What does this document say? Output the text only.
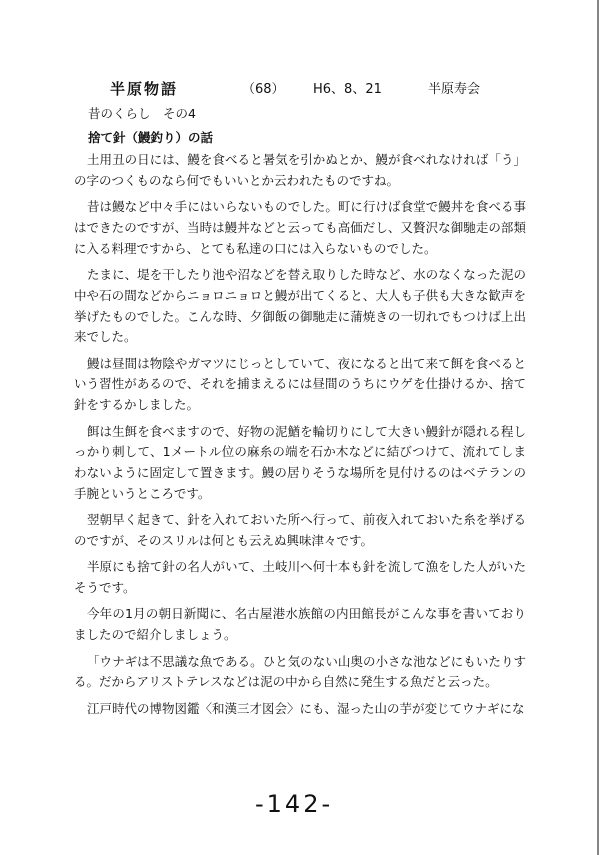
半原物語	（68） H6、8、21	半原寿会
昔のくらし　その4
捨て針（鰻釣り）の話

土用丑の日には、鰻を食べると暑気を引かぬとか、鰻が食べれなければ「う」の字のつくものなら何でもいいとか云われたものですね。

昔は鰻など中々手にはいらないものでした。町に行けば食堂で鰻丼を食べる事はできたのですが、当時は鰻丼などと云っても高価だし、又贅沢な御馳走の部類に入る料理ですから、とても私達の口には入らないものでした。

たまに、堤を干したり池や沼などを替え取りした時など、水のなくなった泥の中や石の間などからニョロニョロと鰻が出てくると、大人も子供も大きな歓声を挙げたものでした。こんな時、夕御飯の御馳走に蒲焼きの一切れでもつけば上出来でした。

鰻は昼間は物陰やガマツにじっとしていて、夜になると出て来て餌を食べるという習性があるので、それを捕まえるには昼間のうちにウゲを仕掛けるか、捨て針をするかしました。

餌は生餌を食べますので、好物の泥鰌を輪切りにして大きい鰻針が隠れる程しっかり刺して、1メートル位の麻糸の端を石か木などに結びつけて、流れてしまわないように固定して置きます。鰻の居りそうな場所を見付けるのはベテランの手腕というところです。

翌朝早く起きて、針を入れておいた所へ行って、前夜入れておいた糸を挙げるのですが、そのスリルは何とも云えぬ興味津々です。

半原にも捨て針の名人がいて、土岐川へ何十本も針を流して漁をした人がいたそうです。

今年の1月の朝日新聞に、名古屋港水族館の内田館長がこんな事を書いておりましたので紹介しましょう。

「ウナギは不思議な魚である。ひと気のない山奥の小さな池などにもいたりする。だからアリストテレスなどは泥の中から自然に発生する魚だと云った。

江戸時代の博物図鑑〈和漢三才図会〉にも、湿った山の芋が変じてウナギにな

-142-
